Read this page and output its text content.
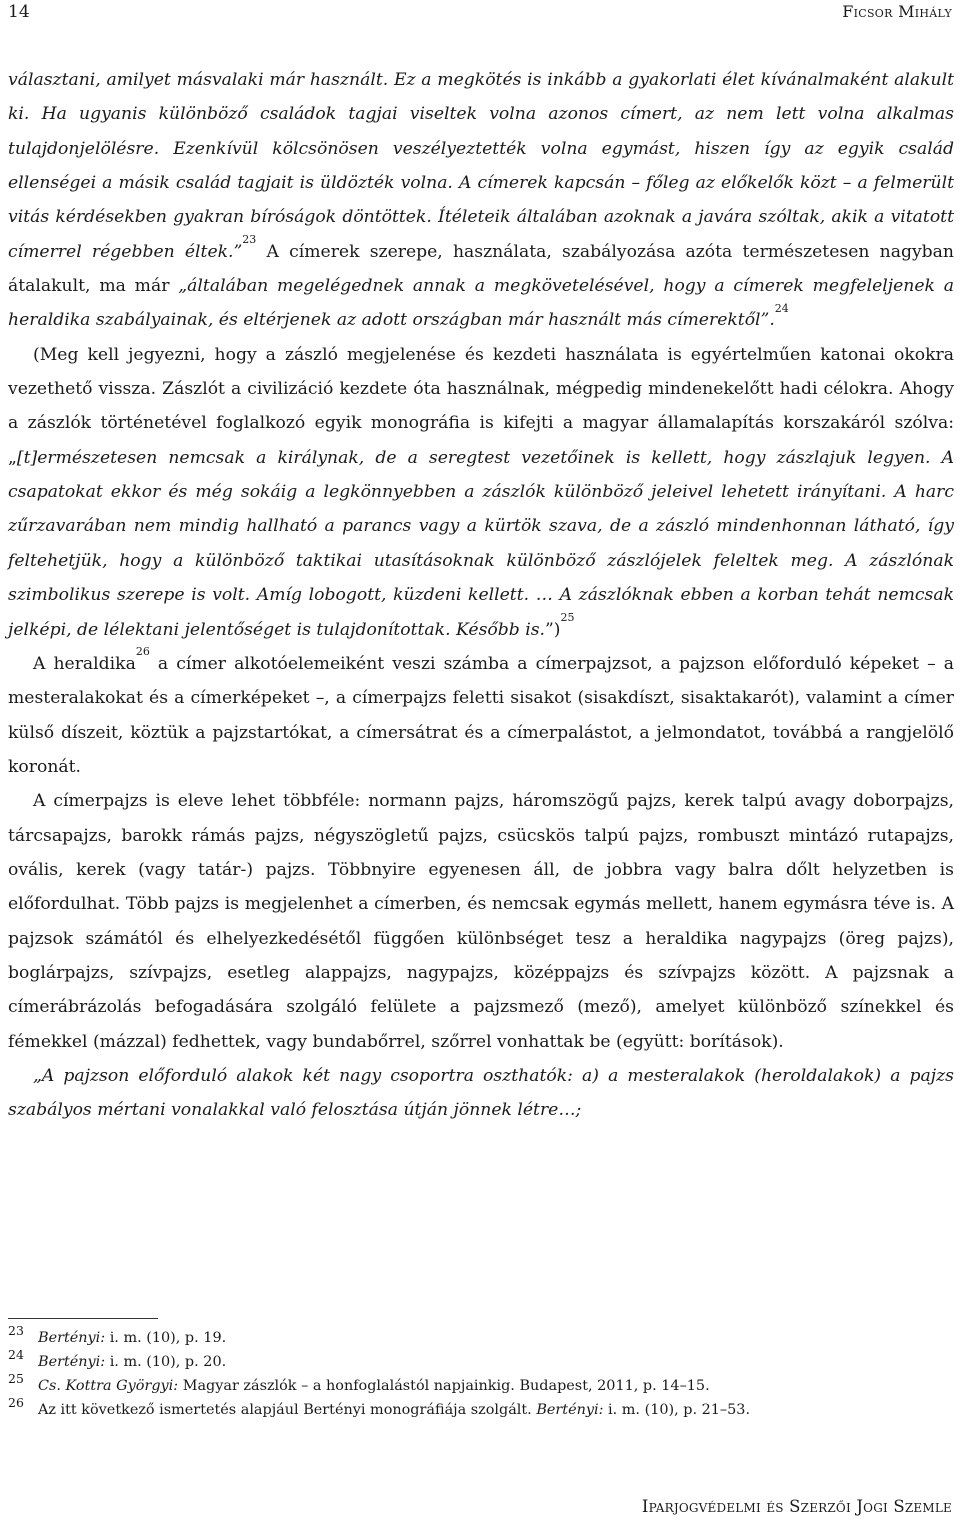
14	Ficsor Mihály

választani, amilyet másvalaki már használt. Ez a megkötés is inkább a gyakorlati élet kívánalmaként alakult ki. Ha ugyanis különböző családok tagjai viseltek volna azonos címert, az nem lett volna alkalmas tulajdonjelölésre. Ezenkívül kölcsönösen veszélyeztették volna egymást, hiszen így az egyik család ellenségei a másik család tagjait is üldözték volna. A címerek kapcsán – főleg az előkelők közt – a felmerült vitás kérdésekben gyakran bíróságok döntöttek. Ítéleteik általában azoknak a javára szóltak, akik a vitatott címerrel régebben éltek.”$^{23}$ A címerek szerepe, használata, szabályozása azóta természetesen nagyban átalakult, ma már „általában megelégednek annak a megkövetelésével, hogy a címerek megfeleljenek a heraldika szabályainak, és eltérjenek az adott országban már használt más címerektől”.$^{24}$

(Meg kell jegyezni, hogy a zászló megjelenése és kezdeti használata is egyértelműen katonai okokra vezethető vissza. Zászlót a civilizáció kezdete óta használnak, mégpedig mindenekelőtt hadi célokra. Ahogy a zászlók történetével foglalkozó egyik monográfia is kifejti a magyar államalapítás korszakáról szólva: „[t]ermészetesen nemcsak a királynak, de a seregtest vezetőinek is kellett, hogy zászlajuk legyen. A csapatokat ekkor és még sokáig a legkönnyebben a zászlók különböző jeleivel lehetett irányítani. A harc zűrzavarában nem mindig hallható a parancs vagy a kürtök szava, de a zászló mindenhonnan látható, így feltehetjük, hogy a különböző taktikai utasításoknak különböző zászlójelek feleltek meg. A zászlónak szimbolikus szerepe is volt. Amíg lobogott, küzdeni kellett. … A zászlóknak ebben a korban tehát nemcsak jelképi, de lélektani jelentőséget is tulajdonítottak. Később is.”)$^{25}$

A heraldika$^{26}$ a címer alkotóelemeiként veszi számba a címerpajzsot, a pajzson előforduló képeket – a mesteralakokat és a címerképeket –, a címerpajzs feletti sisakot (sisakdíszt, sisaktakarót), valamint a címer külső díszeit, köztük a pajzstartókat, a címersátrat és a címerpalástot, a jelmondatot, továbbá a rangjelölő koronát.

A címerpajzs is eleve lehet többféle: normann pajzs, háromszögű pajzs, kerek talpú avagy doborpajzs, tárcsapajzs, barokk rámás pajzs, négyszögletű pajzs, csücskös talpú pajzs, rombuszt mintázó rutapajzs, ovális, kerek (vagy tatár-) pajzs. Többnyire egyenesen áll, de jobbra vagy balra dőlt helyzetben is előfordulhat. Több pajzs is megjelenhet a címerben, és nemcsak egymás mellett, hanem egymásra téve is. A pajzsok számától és elhelyezkedésétől függően különbséget tesz a heraldika nagypajzs (öreg pajzs), boglárpajzs, szívpajzs, esetleg alappajzs, nagypajzs, középpajzs és szívpajzs között. A pajzsnak a címerábrázolás befogadására szolgáló felülete a pajzsmező (mező), amelyet különböző színekkel és fémekkel (mázzal) fedhettek, vagy bundabőrrel, szőrrel vonhattak be (együtt: borítások).

„A pajzson előforduló alakok két nagy csoportra oszthatók: a) a mesteralakok (heroldalakok) a pajzs szabályos mértani vonalakkal való felosztása útján jönnek létre…;

23 Bertényi: i. m. (10), p. 19.
24 Bertényi: i. m. (10), p. 20.
25 Cs. Kottra Györgyi: Magyar zászlók – a honfoglalástól napjainkig. Budapest, 2011, p. 14–15.
26 Az itt következő ismertetés alapjául Bertényi monográfiája szolgált. Bertényi: i. m. (10), p. 21–53.
Iparjogvédelmi és Szerzői Jogi Szemle
